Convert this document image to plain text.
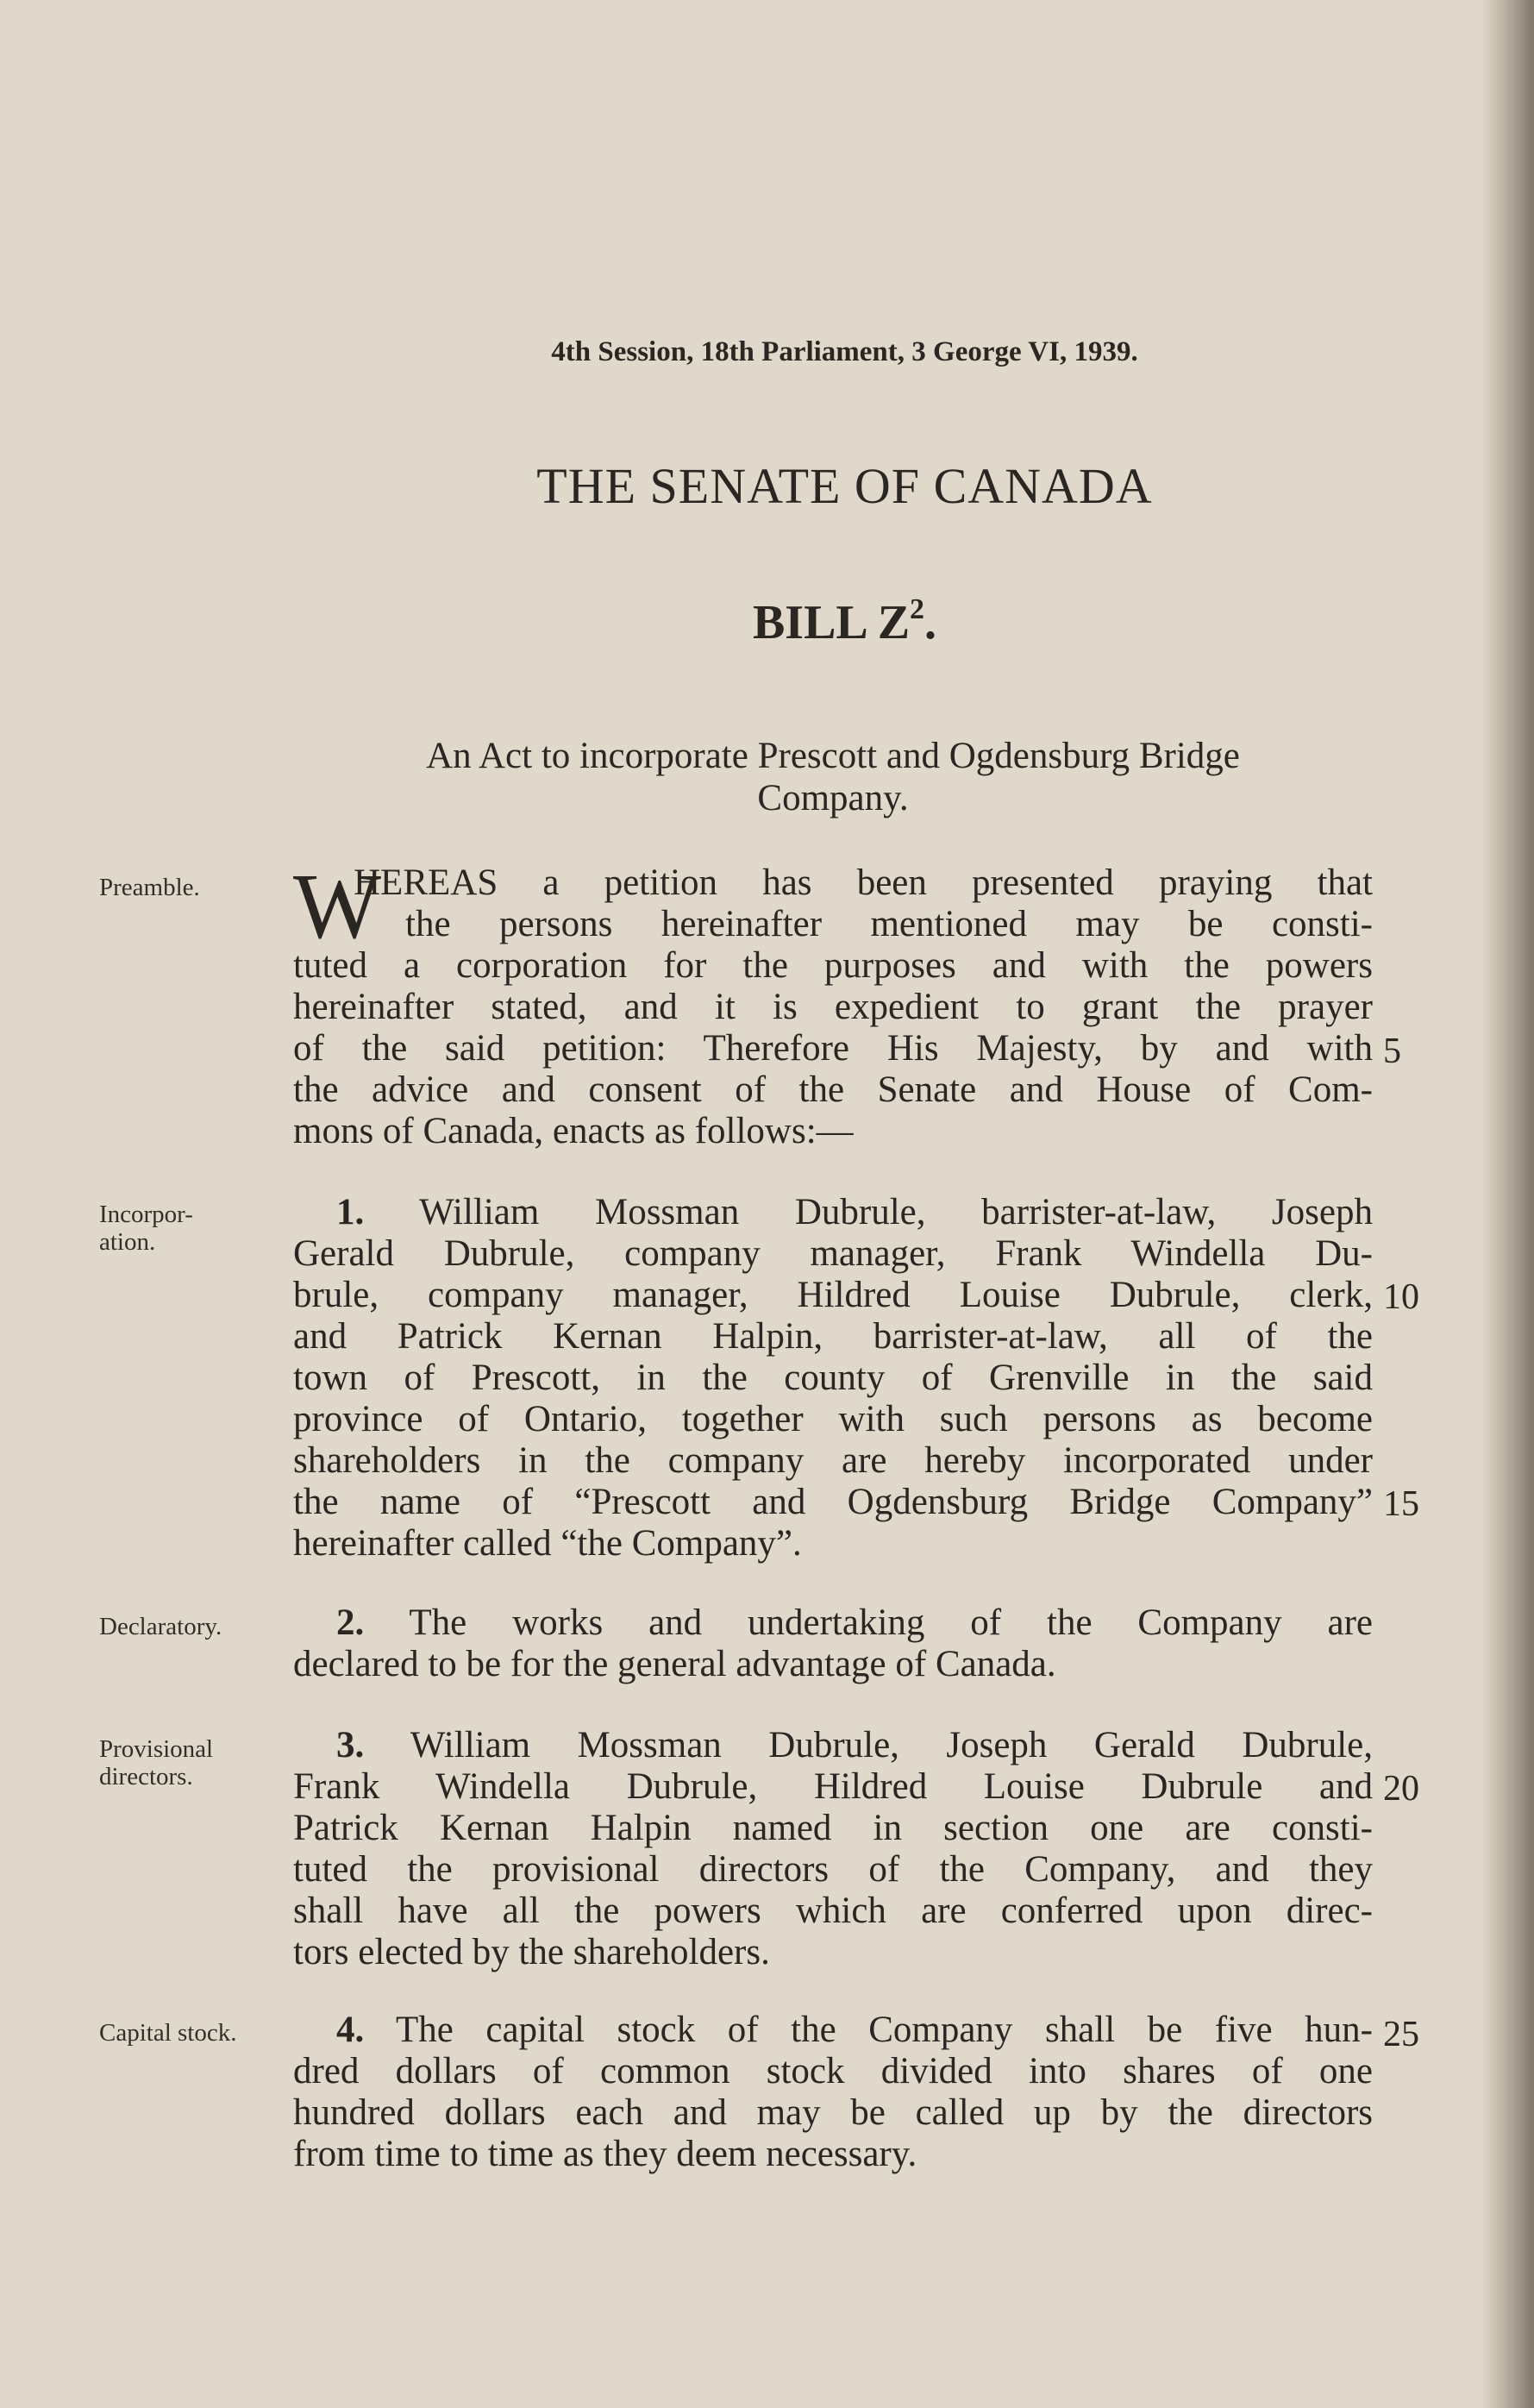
4th Session, 18th Parliament, 3 George VI, 1939.
THE SENATE OF CANADA
BILL $Z^2$.
An Act to incorporate Prescott and Ogdensburg Bridge
Company.
Preamble.
Incorpor-
ation.
Declaratory.
Provisional
directors.
Capital stock.
W
HEREAS a petition has been presented praying that
the persons hereinafter mentioned may be consti-
tuted a corporation for the purposes and with the powers
hereinafter stated, and it is expedient to grant the prayer
of the said petition: Therefore His Majesty, by and with
the advice and consent of the Senate and House of Com-
mons of Canada, enacts as follows:—
1. William Mossman Dubrule, barrister-at-law, Joseph
Gerald Dubrule, company manager, Frank Windella Du-
brule, company manager, Hildred Louise Dubrule, clerk,
and Patrick Kernan Halpin, barrister-at-law, all of the
town of Prescott, in the county of Grenville in the said
province of Ontario, together with such persons as become
shareholders in the company are hereby incorporated under
the name of “Prescott and Ogdensburg Bridge Company”
hereinafter called “the Company”.
2. The works and undertaking of the Company are
declared to be for the general advantage of Canada.
3. William Mossman Dubrule, Joseph Gerald Dubrule,
Frank Windella Dubrule, Hildred Louise Dubrule and
Patrick Kernan Halpin named in section one are consti-
tuted the provisional directors of the Company, and they
shall have all the powers which are conferred upon direc-
tors elected by the shareholders.
4. The capital stock of the Company shall be five hun-
dred dollars of common stock divided into shares of one
hundred dollars each and may be called up by the directors
from time to time as they deem necessary.
5
10
15
20
25
